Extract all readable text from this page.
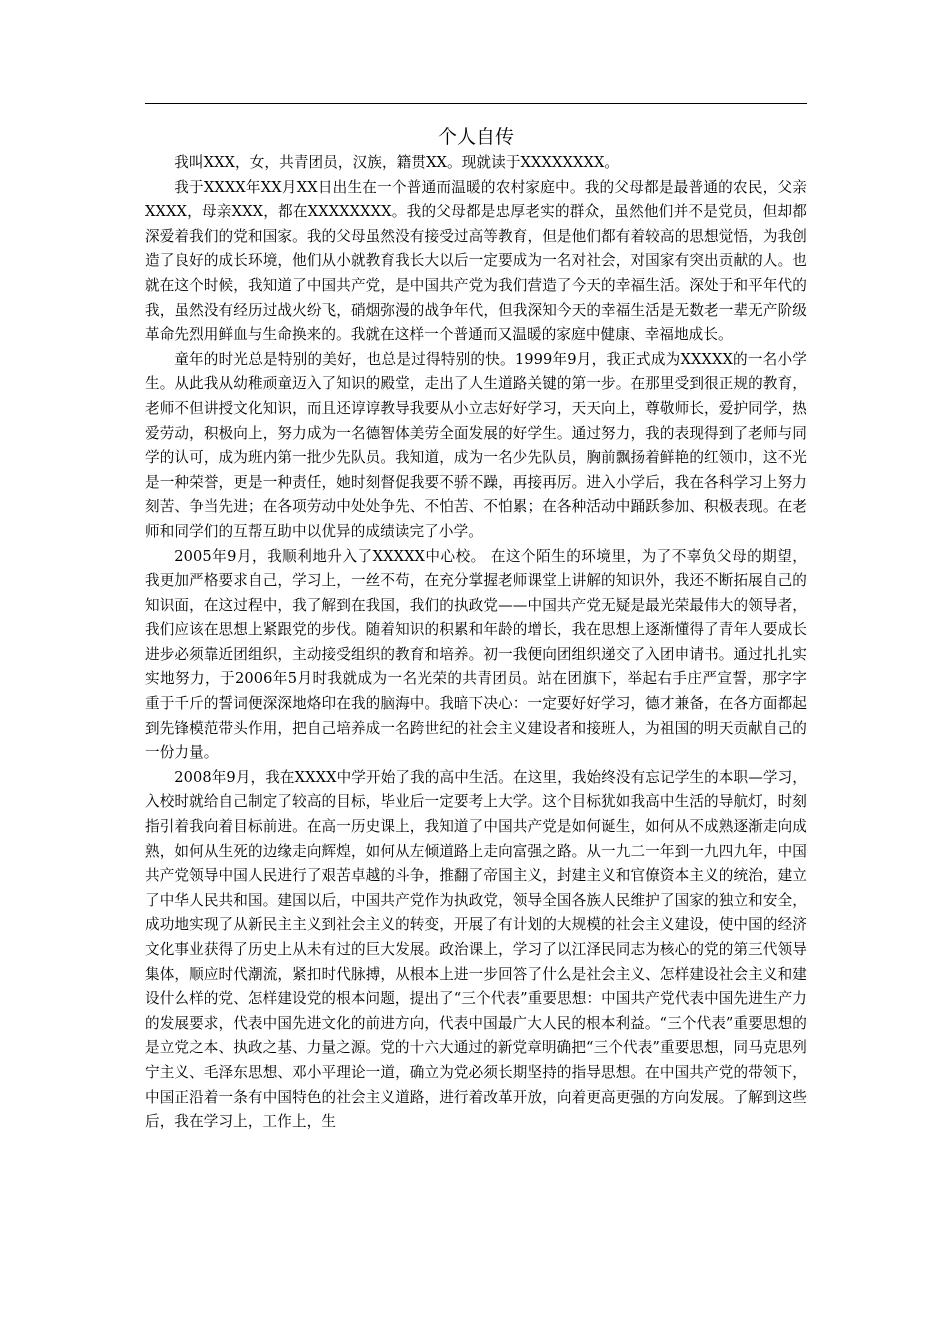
个人自传

我叫XXX，女，共青团员，汉族，籍贯XX。现就读于XXXXXXXX。

我于XXXX年XX月XX日出生在一个普通而温暖的农村家庭中。我的父母都是最普通的农民，父亲XXXX，母亲XXX，都在XXXXXXXX。我的父母都是忠厚老实的群众，虽然他们并不是党员，但却都深爱着我们的党和国家。我的父母虽然没有接受过高等教育，但是他们都有着较高的思想觉悟，为我创造了良好的成长环境，他们从小就教育我长大以后一定要成为一名对社会，对国家有突出贡献的人。也就在这个时候，我知道了中国共产党，是中国共产党为我们营造了今天的幸福生活。深处于和平年代的我，虽然没有经历过战火纷飞，硝烟弥漫的战争年代，但我深知今天的幸福生活是无数老一辈无产阶级革命先烈用鲜血与生命换来的。我就在这样一个普通而又温暖的家庭中健康、幸福地成长。

童年的时光总是特别的美好，也总是过得特别的快。1999年9月，我正式成为XXXXX的一名小学生。从此我从幼稚顽童迈入了知识的殿堂，走出了人生道路关键的第一步。在那里受到很正规的教育，老师不但讲授文化知识，而且还谆谆教导我要从小立志好好学习，天天向上，尊敬师长，爱护同学，热爱劳动，积极向上，努力成为一名德智体美劳全面发展的好学生。通过努力，我的表现得到了老师与同学的认可，成为班内第一批少先队员。我知道，成为一名少先队员，胸前飘扬着鲜艳的红领巾，这不光是一种荣誉，更是一种责任，她时刻督促我要不骄不躁，再接再厉。进入小学后，我在各科学习上努力刻苦、争当先进；在各项劳动中处处争先、不怕苦、不怕累；在各种活动中踊跃参加、积极表现。在老师和同学们的互帮互助中以优异的成绩读完了小学。

2005年9月，我顺利地升入了XXXXX中心校。 在这个陌生的环境里，为了不辜负父母的期望，我更加严格要求自己，学习上，一丝不苟，在充分掌握老师课堂上讲解的知识外，我还不断拓展自己的知识面，在这过程中，我了解到在我国，我们的执政党——中国共产党无疑是最光荣最伟大的领导者，我们应该在思想上紧跟党的步伐。随着知识的积累和年龄的增长，我在思想上逐渐懂得了青年人要成长进步必须靠近团组织，主动接受组织的教育和培养。初一我便向团组织递交了入团申请书。通过扎扎实实地努力，于2006年5月时我就成为一名光荣的共青团员。站在团旗下，举起右手庄严宣誓，那字字重于千斤的誓词便深深地烙印在我的脑海中。我暗下决心：一定要好好学习，德才兼备，在各方面都起到先锋模范带头作用，把自己培养成一名跨世纪的社会主义建设者和接班人，为祖国的明天贡献自己的一份力量。

2008年9月，我在XXXX中学开始了我的高中生活。在这里，我始终没有忘记学生的本职—学习，入校时就给自己制定了较高的目标，毕业后一定要考上大学。这个目标犹如我高中生活的导航灯，时刻指引着我向着目标前进。在高一历史课上，我知道了中国共产党是如何诞生，如何从不成熟逐渐走向成熟，如何从生死的边缘走向辉煌，如何从左倾道路上走向富强之路。从一九二一年到一九四九年，中国共产党领导中国人民进行了艰苦卓越的斗争，推翻了帝国主义，封建主义和官僚资本主义的统治，建立了中华人民共和国。建国以后，中国共产党作为执政党，领导全国各族人民维护了国家的独立和安全，成功地实现了从新民主主义到社会主义的转变，开展了有计划的大规模的社会主义建设，使中国的经济文化事业获得了历史上从未有过的巨大发展。政治课上，学习了以江泽民同志为核心的党的第三代领导集体，顺应时代潮流，紧扣时代脉搏，从根本上进一步回答了什么是社会主义、怎样建设社会主义和建设什么样的党、怎样建设党的根本问题，提出了“三个代表”重要思想：中国共产党代表中国先进生产力的发展要求，代表中国先进文化的前进方向，代表中国最广大人民的根本利益。“三个代表”重要思想的是立党之本、执政之基、力量之源。党的十六大通过的新党章明确把“三个代表”重要思想，同马克思列宁主义、毛泽东思想、邓小平理论一道，确立为党必须长期坚持的指导思想。在中国共产党的带领下，中国正沿着一条有中国特色的社会主义道路，进行着改革开放，向着更高更强的方向发展。了解到这些后，我在学习上，工作上，生
